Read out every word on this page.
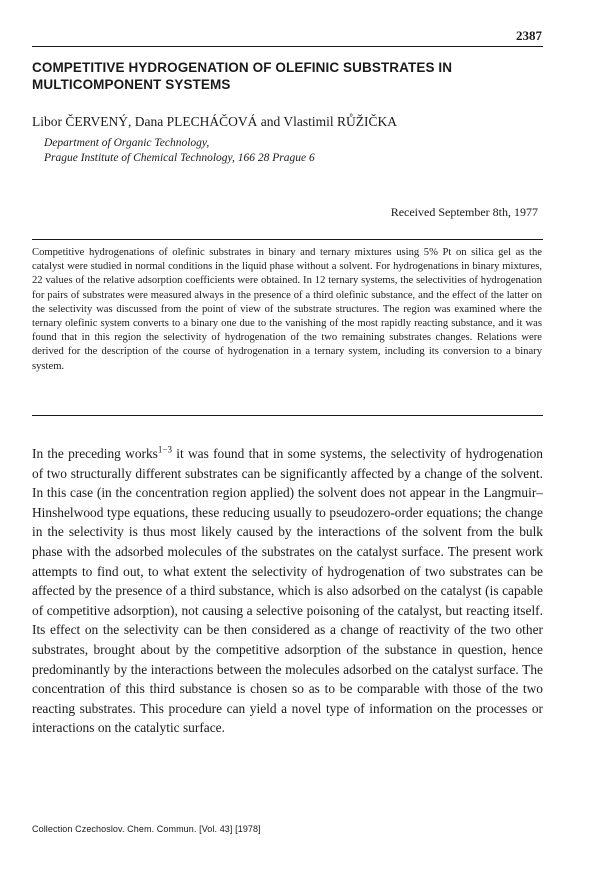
2387
COMPETITIVE HYDROGENATION OF OLEFINIC SUBSTRATES IN MULTICOMPONENT SYSTEMS

Libor ČERVENÝ, Dana PLECHÁČOVÁ and Vlastimil RŮŽIČKA

Department of Organic Technology,
Prague Institute of Chemical Technology, 166 28 Prague 6
Received September 8th, 1977

Competitive hydrogenations of olefinic substrates in binary and ternary mixtures using 5% Pt on silica gel as the catalyst were studied in normal conditions in the liquid phase without a solvent. For hydrogenations in binary mixtures, 22 values of the relative adsorption coefficients were obtained. In 12 ternary systems, the selectivities of hydrogenation for pairs of substrates were measured always in the presence of a third olefinic substance, and the effect of the latter on the selectivity was discussed from the point of view of the substrate structures. The region was examined where the ternary olefinic system converts to a binary one due to the vanishing of the most rapidly reacting substance, and it was found that in this region the selectivity of hydrogenation of the two remaining substrates changes. Relations were derived for the description of the course of hydrogenation in a ternary system, including its conversion to a binary system.

In the preceding works$^{1-3}$ it was found that in some systems, the selectivity of hydrogenation of two structurally different substrates can be significantly affected by a change of the solvent. In this case (in the concentration region applied) the solvent does not appear in the Langmuir–Hinshelwood type equations, these reducing usually to pseudozero-order equations; the change in the selectivity is thus most likely caused by the interactions of the solvent from the bulk phase with the adsorbed molecules of the substrates on the catalyst surface. The present work attempts to find out, to what extent the selectivity of hydrogenation of two substrates can be affected by the presence of a third substance, which is also adsorbed on the catalyst (is capable of competitive adsorption), not causing a selective poisoning of the catalyst, but reacting itself. Its effect on the selectivity can be then considered as a change of reactivity of the two other substrates, brought about by the competitive adsorption of the substance in question, hence predominantly by the interactions between the molecules adsorbed on the catalyst surface. The concentration of this third substance is chosen so as to be comparable with those of the two reacting substrates. This procedure can yield a novel type of information on the processes or interactions on the catalytic surface.

Collection Czechoslov. Chem. Commun. [Vol. 43] [1978]
